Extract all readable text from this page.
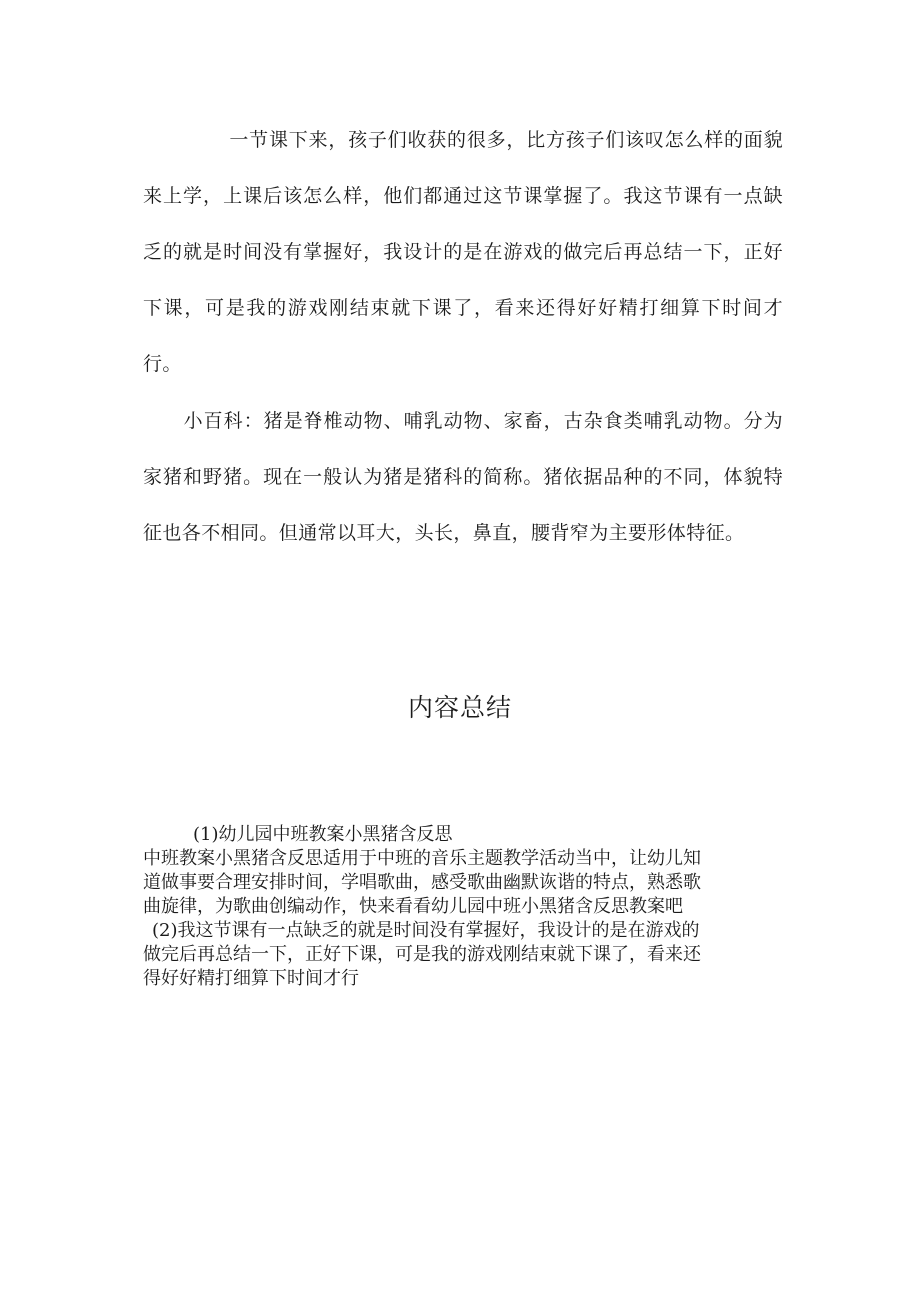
一节课下来，孩子们收获的很多，比方孩子们该叹怎么样的面貌来上学，上课后该怎么样，他们都通过这节课掌握了。我这节课有一点缺乏的就是时间没有掌握好，我设计的是在游戏的做完后再总结一下，正好下课，可是我的游戏刚结束就下课了，看来还得好好精打细算下时间才行。

小百科：猪是脊椎动物、哺乳动物、家畜，古杂食类哺乳动物。分为家猪和野猪。现在一般认为猪是猪科的简称。猪依据品种的不同，体貌特征也各不相同。但通常以耳大，头长，鼻直，腰背窄为主要形体特征。

内容总结
(1)幼儿园中班教案小黑猪含反思
中班教案小黑猪含反思适用于中班的音乐主题教学活动当中，让幼儿知
道做事要合理安排时间，学唱歌曲，感受歌曲幽默诙谐的特点，熟悉歌
曲旋律，为歌曲创编动作，快来看看幼儿园中班小黑猪含反思教案吧
(2)我这节课有一点缺乏的就是时间没有掌握好，我设计的是在游戏的
做完后再总结一下，正好下课，可是我的游戏刚结束就下课了，看来还
得好好精打细算下时间才行
